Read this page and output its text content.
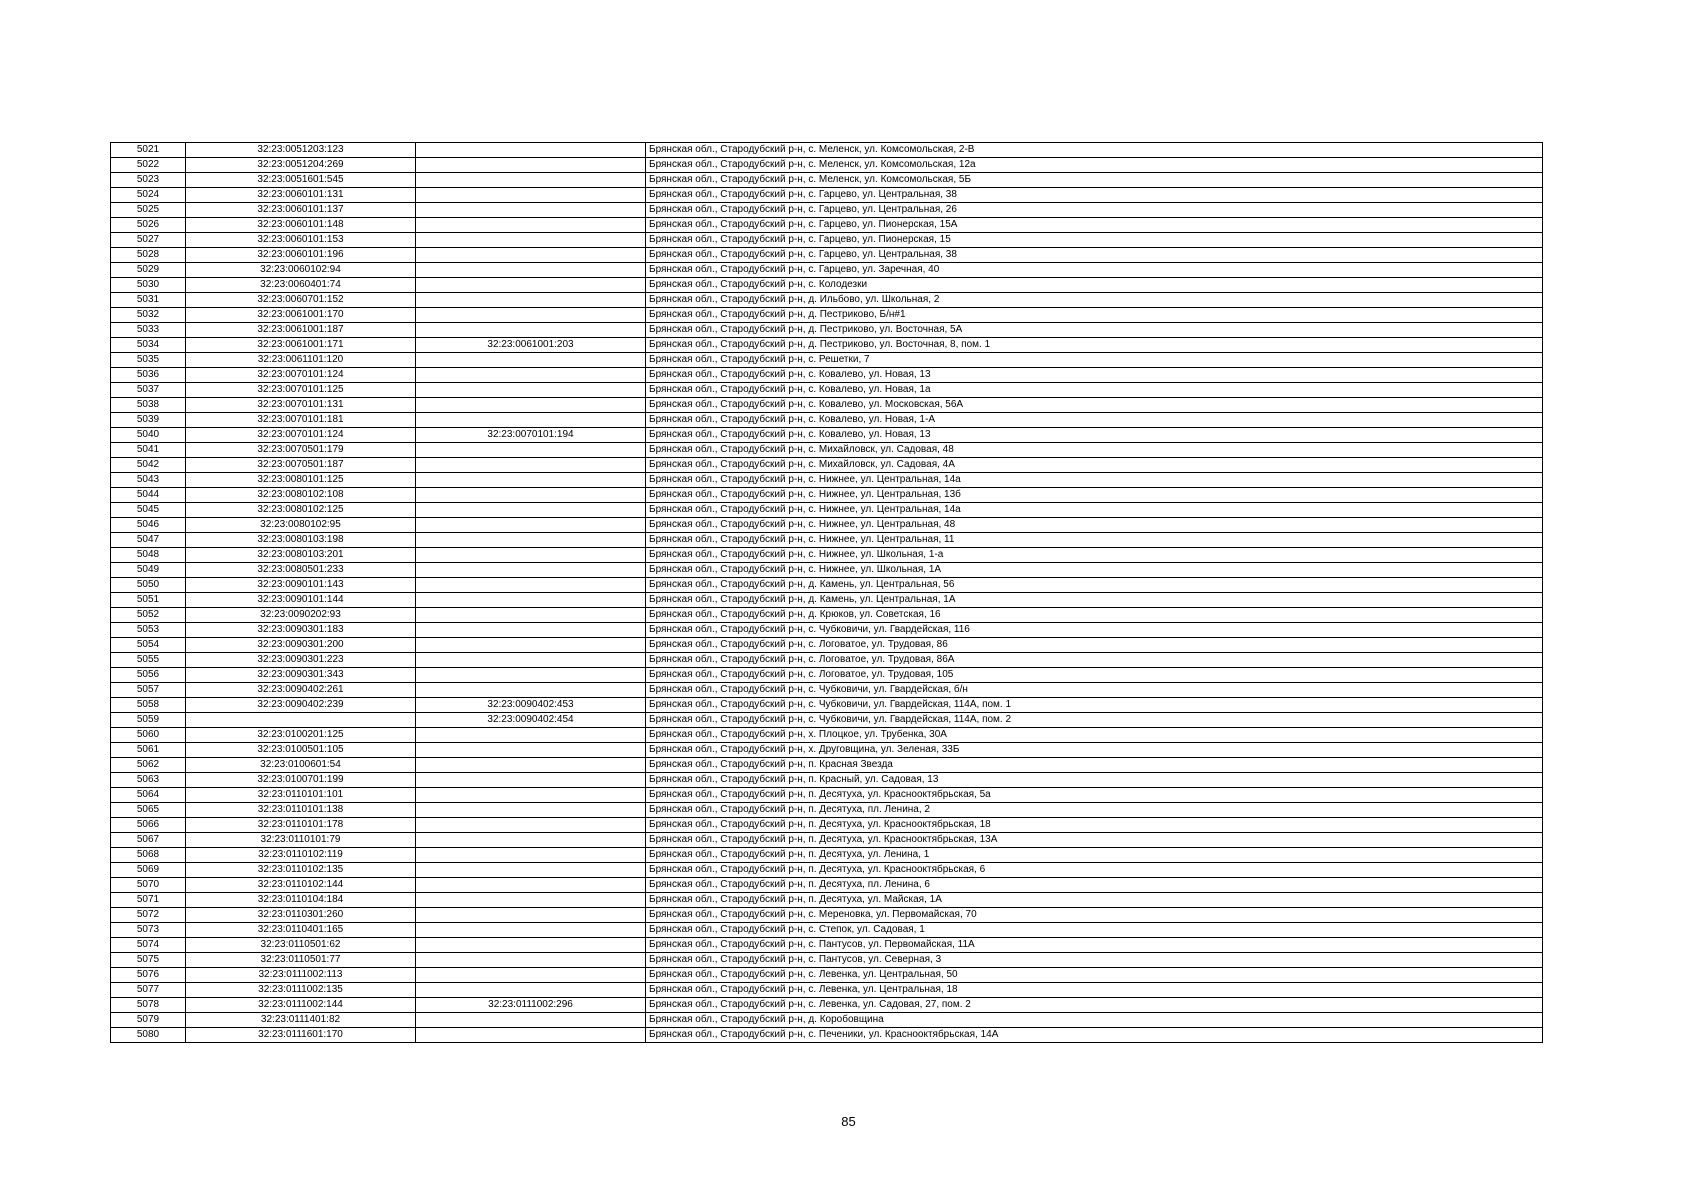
5021	32:23:0051203:123		Брянская обл., Стародубский р-н, с. Меленск, ул. Комсомольская, 2-В
5022	32:23:0051204:269		Брянская обл., Стародубский р-н, с. Меленск, ул. Комсомольская, 12а
5023	32:23:0051601:545		Брянская обл., Стародубский р-н, с. Меленск, ул. Комсомольская, 5Б
5024	32:23:0060101:131		Брянская обл., Стародубский р-н, с. Гарцево, ул. Центральная, 38
5025	32:23:0060101:137		Брянская обл., Стародубский р-н, с. Гарцево, ул. Центральная, 26
5026	32:23:0060101:148		Брянская обл., Стародубский р-н, с. Гарцево, ул. Пионерская, 15А
5027	32:23:0060101:153		Брянская обл., Стародубский р-н, с. Гарцево, ул. Пионерская, 15
5028	32:23:0060101:196		Брянская обл., Стародубский р-н, с. Гарцево, ул. Центральная, 38
5029	32:23:0060102:94		Брянская обл., Стародубский р-н, с. Гарцево, ул. Заречная, 40
5030	32:23:0060401:74		Брянская обл., Стародубский р-н, с. Колодезки
5031	32:23:0060701:152		Брянская обл., Стародубский р-н, д. Ильбово, ул. Школьная, 2
5032	32:23:0061001:170		Брянская обл., Стародубский р-н, д. Пестриково, Б/н#1
5033	32:23:0061001:187		Брянская обл., Стародубский р-н, д. Пестриково, ул. Восточная, 5А
5034	32:23:0061001:171	32:23:0061001:203	Брянская обл., Стародубский р-н, д. Пестриково, ул. Восточная, 8, пом. 1
5035	32:23:0061101:120		Брянская обл., Стародубский р-н, с. Решетки, 7
5036	32:23:0070101:124		Брянская обл., Стародубский р-н, с. Ковалево, ул. Новая, 13
5037	32:23:0070101:125		Брянская обл., Стародубский р-н, с. Ковалево, ул. Новая, 1а
5038	32:23:0070101:131		Брянская обл., Стародубский р-н, с. Ковалево, ул. Московская, 56А
5039	32:23:0070101:181		Брянская обл., Стародубский р-н, с. Ковалево, ул. Новая, 1-А
5040	32:23:0070101:124	32:23:0070101:194	Брянская обл., Стародубский р-н, с. Ковалево, ул. Новая, 13
5041	32:23:0070501:179		Брянская обл., Стародубский р-н, с. Михайловск, ул. Садовая, 48
5042	32:23:0070501:187		Брянская обл., Стародубский р-н, с. Михайловск, ул. Садовая, 4А
5043	32:23:0080101:125		Брянская обл., Стародубский р-н, с. Нижнее, ул. Центральная, 14а
5044	32:23:0080102:108		Брянская обл., Стародубский р-н, с. Нижнее, ул. Центральная, 13б
5045	32:23:0080102:125		Брянская обл., Стародубский р-н, с. Нижнее, ул. Центральная, 14а
5046	32:23:0080102:95		Брянская обл., Стародубский р-н, с. Нижнее, ул. Центральная, 48
5047	32:23:0080103:198		Брянская обл., Стародубский р-н, с. Нижнее, ул. Центральная, 11
5048	32:23:0080103:201		Брянская обл., Стародубский р-н, с. Нижнее, ул. Школьная, 1-а
5049	32:23:0080501:233		Брянская обл., Стародубский р-н, с. Нижнее, ул. Школьная, 1А
5050	32:23:0090101:143		Брянская обл., Стародубский р-н, д. Камень, ул. Центральная, 56
5051	32:23:0090101:144		Брянская обл., Стародубский р-н, д. Камень, ул. Центральная, 1А
5052	32:23:0090202:93		Брянская обл., Стародубский р-н, д. Крюков, ул. Советская, 16
5053	32:23:0090301:183		Брянская обл., Стародубский р-н, с. Чубковичи, ул. Гвардейская, 116
5054	32:23:0090301:200		Брянская обл., Стародубский р-н, с. Логоватое, ул. Трудовая, 86
5055	32:23:0090301:223		Брянская обл., Стародубский р-н, с. Логоватое, ул. Трудовая, 86А
5056	32:23:0090301:343		Брянская обл., Стародубский р-н, с. Логоватое, ул. Трудовая, 105
5057	32:23:0090402:261		Брянская обл., Стародубский р-н, с. Чубковичи, ул. Гвардейская, б/н
5058	32:23:0090402:239	32:23:0090402:453	Брянская обл., Стародубский р-н, с. Чубковичи, ул. Гвардейская, 114А, пом. 1
5059		32:23:0090402:454	Брянская обл., Стародубский р-н, с. Чубковичи, ул. Гвардейская, 114А, пом. 2
5060	32:23:0100201:125		Брянская обл., Стародубский р-н, х. Плоцкое, ул. Трубенка, 30А
5061	32:23:0100501:105		Брянская обл., Стародубский р-н, х. Друговщина, ул. Зеленая, 33Б
5062	32:23:0100601:54		Брянская обл., Стародубский р-н, п. Красная Звезда
5063	32:23:0100701:199		Брянская обл., Стародубский р-н, п. Красный, ул. Садовая, 13
5064	32:23:0110101:101		Брянская обл., Стародубский р-н, п. Десятуха, ул. Краснооктябрьская, 5а
5065	32:23:0110101:138		Брянская обл., Стародубский р-н, п. Десятуха, пл. Ленина, 2
5066	32:23:0110101:178		Брянская обл., Стародубский р-н, п. Десятуха, ул. Краснооктябрьская, 18
5067	32:23:0110101:79		Брянская обл., Стародубский р-н, п. Десятуха, ул. Краснооктябрьская, 13А
5068	32:23:0110102:119		Брянская обл., Стародубский р-н, п. Десятуха, ул. Ленина, 1
5069	32:23:0110102:135		Брянская обл., Стародубский р-н, п. Десятуха, ул. Краснооктябрьская, 6
5070	32:23:0110102:144		Брянская обл., Стародубский р-н, п. Десятуха, пл. Ленина, 6
5071	32:23:0110104:184		Брянская обл., Стародубский р-н, п. Десятуха, ул. Майская, 1А
5072	32:23:0110301:260		Брянская обл., Стародубский р-н, с. Мереновка, ул. Первомайская, 70
5073	32:23:0110401:165		Брянская обл., Стародубский р-н, с. Степок, ул. Садовая, 1
5074	32:23:0110501:62		Брянская обл., Стародубский р-н, с. Пантусов, ул. Первомайская, 11А
5075	32:23:0110501:77		Брянская обл., Стародубский р-н, с. Пантусов, ул. Северная, 3
5076	32:23:0111002:113		Брянская обл., Стародубский р-н, с. Левенка, ул. Центральная, 50
5077	32:23:0111002:135		Брянская обл., Стародубский р-н, с. Левенка, ул. Центральная, 18
5078	32:23:0111002:144	32:23:0111002:296	Брянская обл., Стародубский р-н, с. Левенка, ул. Садовая, 27, пом. 2
5079	32:23:0111401:82		Брянская обл., Стародубский р-н, д. Коробовщина
5080	32:23:0111601:170		Брянская обл., Стародубский р-н, с. Печеники, ул. Краснооктябрьская, 14А
85
